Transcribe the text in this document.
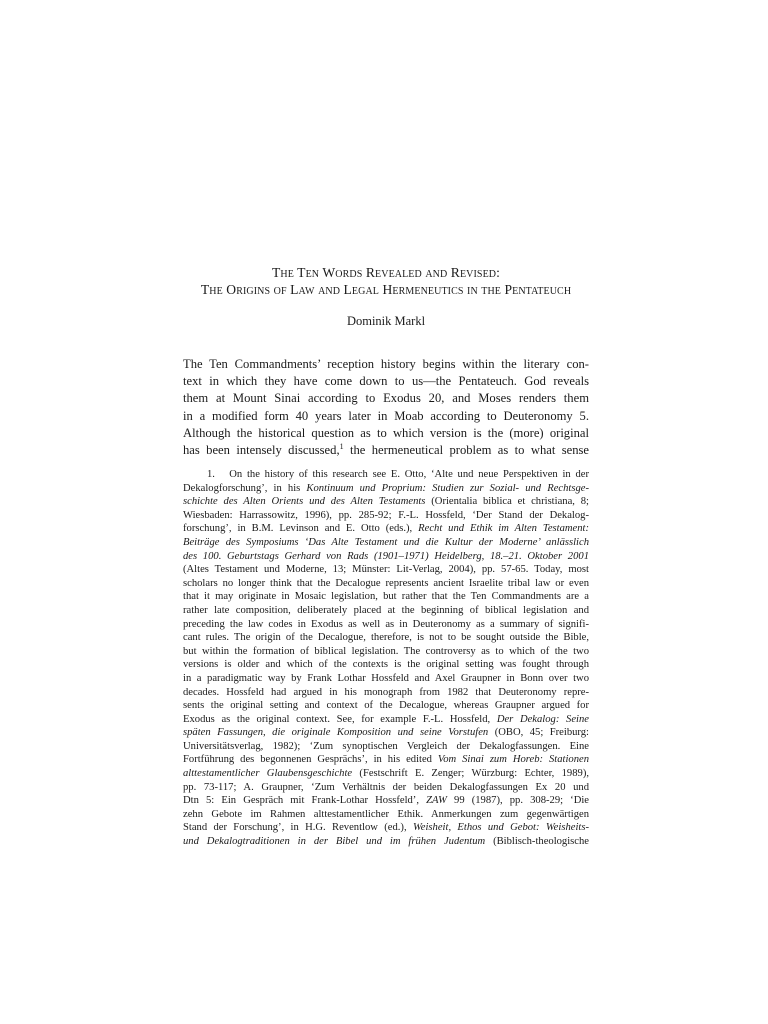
The Ten Words Revealed and Revised:
The Origins of Law and Legal Hermeneutics in the Pentateuch
Dominik Markl
The Ten Commandments’ reception history begins within the literary con-
text in which they have come down to us—the Pentateuch. God reveals
them at Mount Sinai according to Exodus 20, and Moses renders them
in a modified form 40 years later in Moab according to Deuteronomy 5.
Although the historical question as to which version is the (more) original
has been intensely discussed,$^1$ the hermeneutical problem as to what sense
1. On the history of this research see E. Otto, ‘Alte und neue Perspektiven in der
Dekalogforschung’, in his Kontinuum und Proprium: Studien zur Sozial- und Rechtsge-
schichte des Alten Orients und des Alten Testaments (Orientalia biblica et christiana, 8;
Wiesbaden: Harrassowitz, 1996), pp. 285-92; F.-L. Hossfeld, ‘Der Stand der Dekalog-
forschung’, in B.M. Levinson and E. Otto (eds.), Recht und Ethik im Alten Testament:
Beiträge des Symposiums ‘Das Alte Testament und die Kultur der Moderne’ anlässlich
des 100. Geburtstags Gerhard von Rads (1901–1971) Heidelberg, 18.–21. Oktober 2001
(Altes Testament und Moderne, 13; Münster: Lit-Verlag, 2004), pp. 57-65. Today, most
scholars no longer think that the Decalogue represents ancient Israelite tribal law or even
that it may originate in Mosaic legislation, but rather that the Ten Commandments are a
rather late composition, deliberately placed at the beginning of biblical legislation and
preceding the law codes in Exodus as well as in Deuteronomy as a summary of signifi-
cant rules. The origin of the Decalogue, therefore, is not to be sought outside the Bible,
but within the formation of biblical legislation. The controversy as to which of the two
versions is older and which of the contexts is the original setting was fought through
in a paradigmatic way by Frank Lothar Hossfeld and Axel Graupner in Bonn over two
decades. Hossfeld had argued in his monograph from 1982 that Deuteronomy repre-
sents the original setting and context of the Decalogue, whereas Graupner argued for
Exodus as the original context. See, for example F.-L. Hossfeld, Der Dekalog: Seine
späten Fassungen, die originale Komposition und seine Vorstufen (OBO, 45; Freiburg:
Universitätsverlag, 1982); ‘Zum synoptischen Vergleich der Dekalogfassungen. Eine
Fortführung des begonnenen Gesprächs’, in his edited Vom Sinai zum Horeb: Stationen
alttestamentlicher Glaubensgeschichte (Festschrift E. Zenger; Würzburg: Echter, 1989),
pp. 73-117; A. Graupner, ‘Zum Verhältnis der beiden Dekalogfassungen Ex 20 und
Dtn 5: Ein Gespräch mit Frank-Lothar Hossfeld’, ZAW 99 (1987), pp. 308-29; ‘Die
zehn Gebote im Rahmen alttestamentlicher Ethik. Anmerkungen zum gegenwärtigen
Stand der Forschung’, in H.G. Reventlow (ed.), Weisheit, Ethos und Gebot: Weisheits-
und Dekalogtraditionen in der Bibel und im frühen Judentum (Biblisch-theologische
